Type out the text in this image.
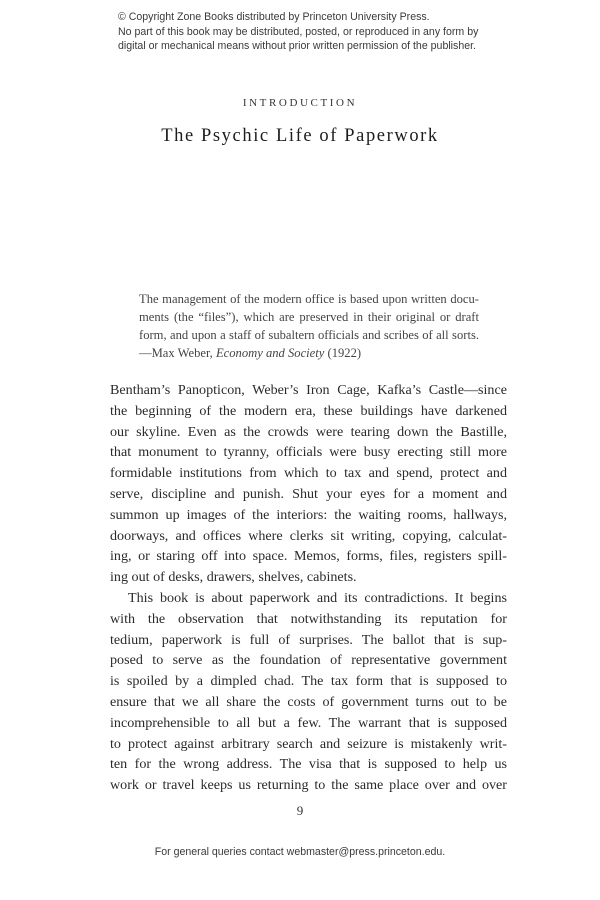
© Copyright Zone Books distributed by Princeton University Press.
No part of this book may be distributed, posted, or reproduced in any form by
digital or mechanical means without prior written permission of the publisher.
INTRODUCTION
The Psychic Life of Paperwork
The management of the modern office is based upon written docu-
ments (the “files”), which are preserved in their original or draft
form, and upon a staff of subaltern officials and scribes of all sorts.
—Max Weber, Economy and Society (1922)
Bentham’s Panopticon, Weber’s Iron Cage, Kafka’s Castle—since
the beginning of the modern era, these buildings have darkened
our skyline. Even as the crowds were tearing down the Bastille,
that monument to tyranny, officials were busy erecting still more
formidable institutions from which to tax and spend, protect and
serve, discipline and punish. Shut your eyes for a moment and
summon up images of the interiors: the waiting rooms, hallways,
doorways, and offices where clerks sit writing, copying, calculat-
ing, or staring off into space. Memos, forms, files, registers spill-
ing out of desks, drawers, shelves, cabinets.
This book is about paperwork and its contradictions. It begins
with the observation that notwithstanding its reputation for
tedium, paperwork is full of surprises. The ballot that is sup-
posed to serve as the foundation of representative government
is spoiled by a dimpled chad. The tax form that is supposed to
ensure that we all share the costs of government turns out to be
incomprehensible to all but a few. The warrant that is supposed
to protect against arbitrary search and seizure is mistakenly writ-
ten for the wrong address. The visa that is supposed to help us
work or travel keeps us returning to the same place over and over
9
For general queries contact webmaster@press.princeton.edu.
